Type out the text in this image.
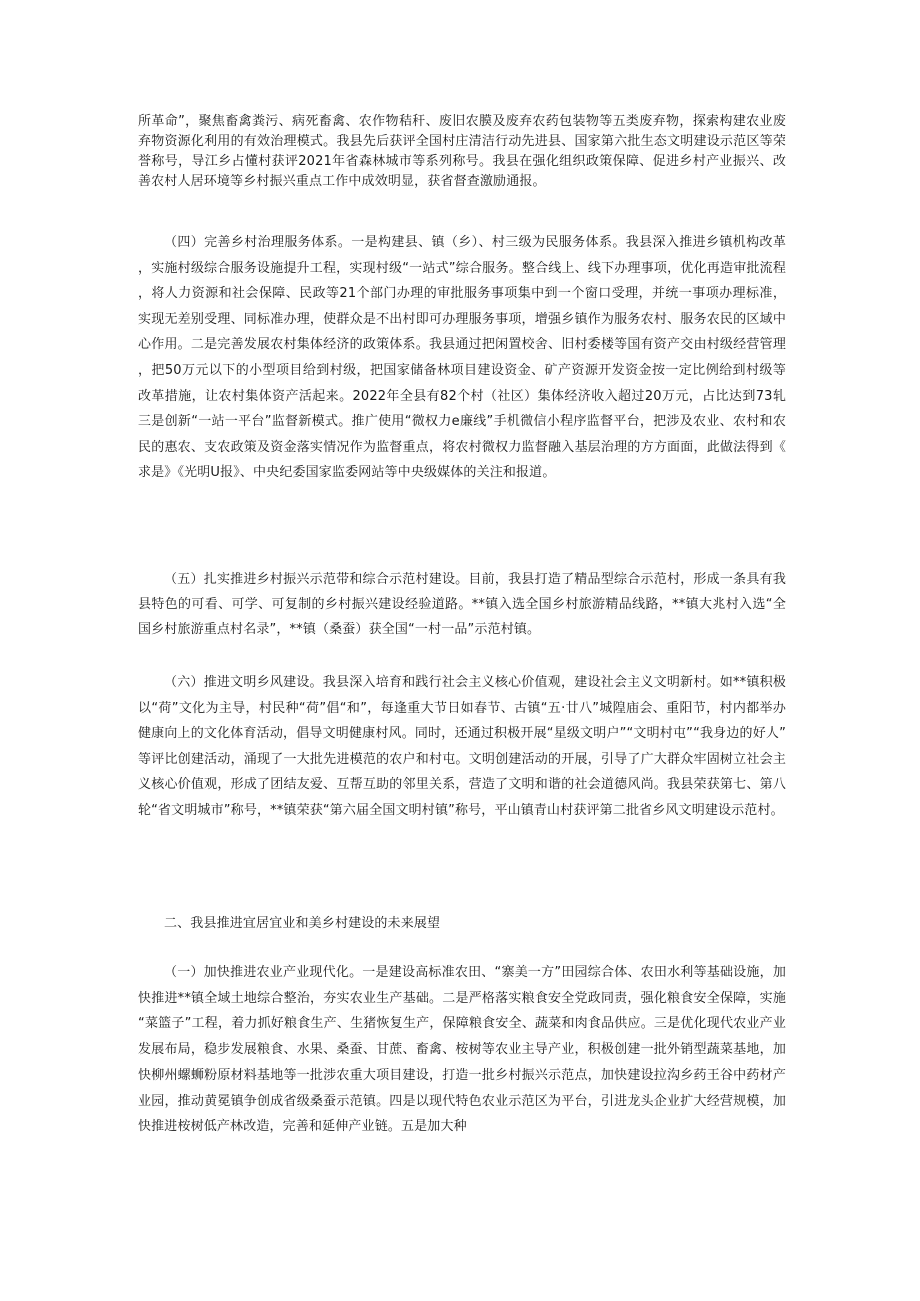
所革命”，聚焦畜禽粪污、病死畜禽、农作物秸秆、废旧农膜及废弃农药包装物等五类废弃物，探索构建农业废弃物资源化利用的有效治理模式。我县先后获评全国村庄清洁行动先进县、国家第六批生态文明建设示范区等荣誉称号，导江乡占懂村获评2021年省森林城市等系列称号。我县在强化组织政策保障、促进乡村产业振兴、改善农村人居环境等乡村振兴重点工作中成效明显，获省督查激励通报。

（四）完善乡村治理服务体系。一是构建县、镇（乡）、村三级为民服务体系。我县深入推进乡镇机构改革，实施村级综合服务设施提升工程，实现村级“一站式”综合服务。整合线上、线下办理事项，优化再造审批流程，将人力资源和社会保障、民政等21个部门办理的审批服务事项集中到一个窗口受理，并统一事项办理标准，实现无差别受理、同标准办理，使群众是不出村即可办理服务事项，增强乡镇作为服务农村、服务农民的区域中心作用。二是完善发展农村集体经济的政策体系。我县通过把闲置校舍、旧村委楼等国有资产交由村级经营管理，把50万元以下的小型项目给到村级，把国家储备林项目建设资金、矿产资源开发资金按一定比例给到村级等改革措施，让农村集体资产活起来。2022年全县有82个村（社区）集体经济收入超过20万元，占比达到73轧三是创新“一站一平台”监督新模式。推广使用“微权力e廉线”手机微信小程序监督平台，把涉及农业、农村和农民的惠农、支农政策及资金落实情况作为监督重点，将农村微权力监督融入基层治理的方方面面，此做法得到《求是》《光明U报》、中央纪委国家监委网站等中央级媒体的关注和报道。

（五）扎实推进乡村振兴示范带和综合示范村建设。目前，我县打造了精品型综合示范村，形成一条具有我县特色的可看、可学、可复制的乡村振兴建设经验道路。**镇入选全国乡村旅游精品线路，**镇大兆村入选“全国乡村旅游重点村名录”，**镇（桑蚕）获全国“一村一品”示范村镇。

（六）推进文明乡风建设。我县深入培育和践行社会主义核心价值观，建设社会主义文明新村。如**镇积极以“荷”文化为主导，村民种“荷”倡“和”，每逢重大节日如春节、古镇“五·廿八”城隍庙会、重阳节，村内都举办健康向上的文化体育活动，倡导文明健康村风。同时，还通过积极开展“星级文明户”“文明村屯”“我身边的好人”等评比创建活动，涌现了一大批先进模范的农户和村屯。文明创建活动的开展，引导了广大群众牢固树立社会主义核心价值观，形成了团结友爱、互帮互助的邻里关系，营造了文明和谐的社会道德风尚。我县荣获第七、第八轮“省文明城市”称号，**镇荣获“第六届全国文明村镇”称号，平山镇青山村获评第二批省乡风文明建设示范村。

二、我县推进宜居宜业和美乡村建设的未来展望

（一）加快推进农业产业现代化。一是建设高标准农田、“寨美一方”田园综合体、农田水利等基础设施，加快推进**镇全域土地综合整治，夯实农业生产基础。二是严格落实粮食安全党政同责，强化粮食安全保障，实施“菜篮子”工程，着力抓好粮食生产、生猪恢复生产，保障粮食安全、蔬菜和肉食品供应。三是优化现代农业产业发展布局，稳步发展粮食、水果、桑蚕、甘蔗、畜禽、桉树等农业主导产业，积极创建一批外销型蔬菜基地，加快柳州螺蛳粉原材料基地等一批涉农重大项目建设，打造一批乡村振兴示范点，加快建设拉沟乡药王谷中药材产业园，推动黄冕镇争创成省级桑蚕示范镇。四是以现代特色农业示范区为平台，引进龙头企业扩大经营规模，加快推进桉树低产林改造，完善和延伸产业链。五是加大种
